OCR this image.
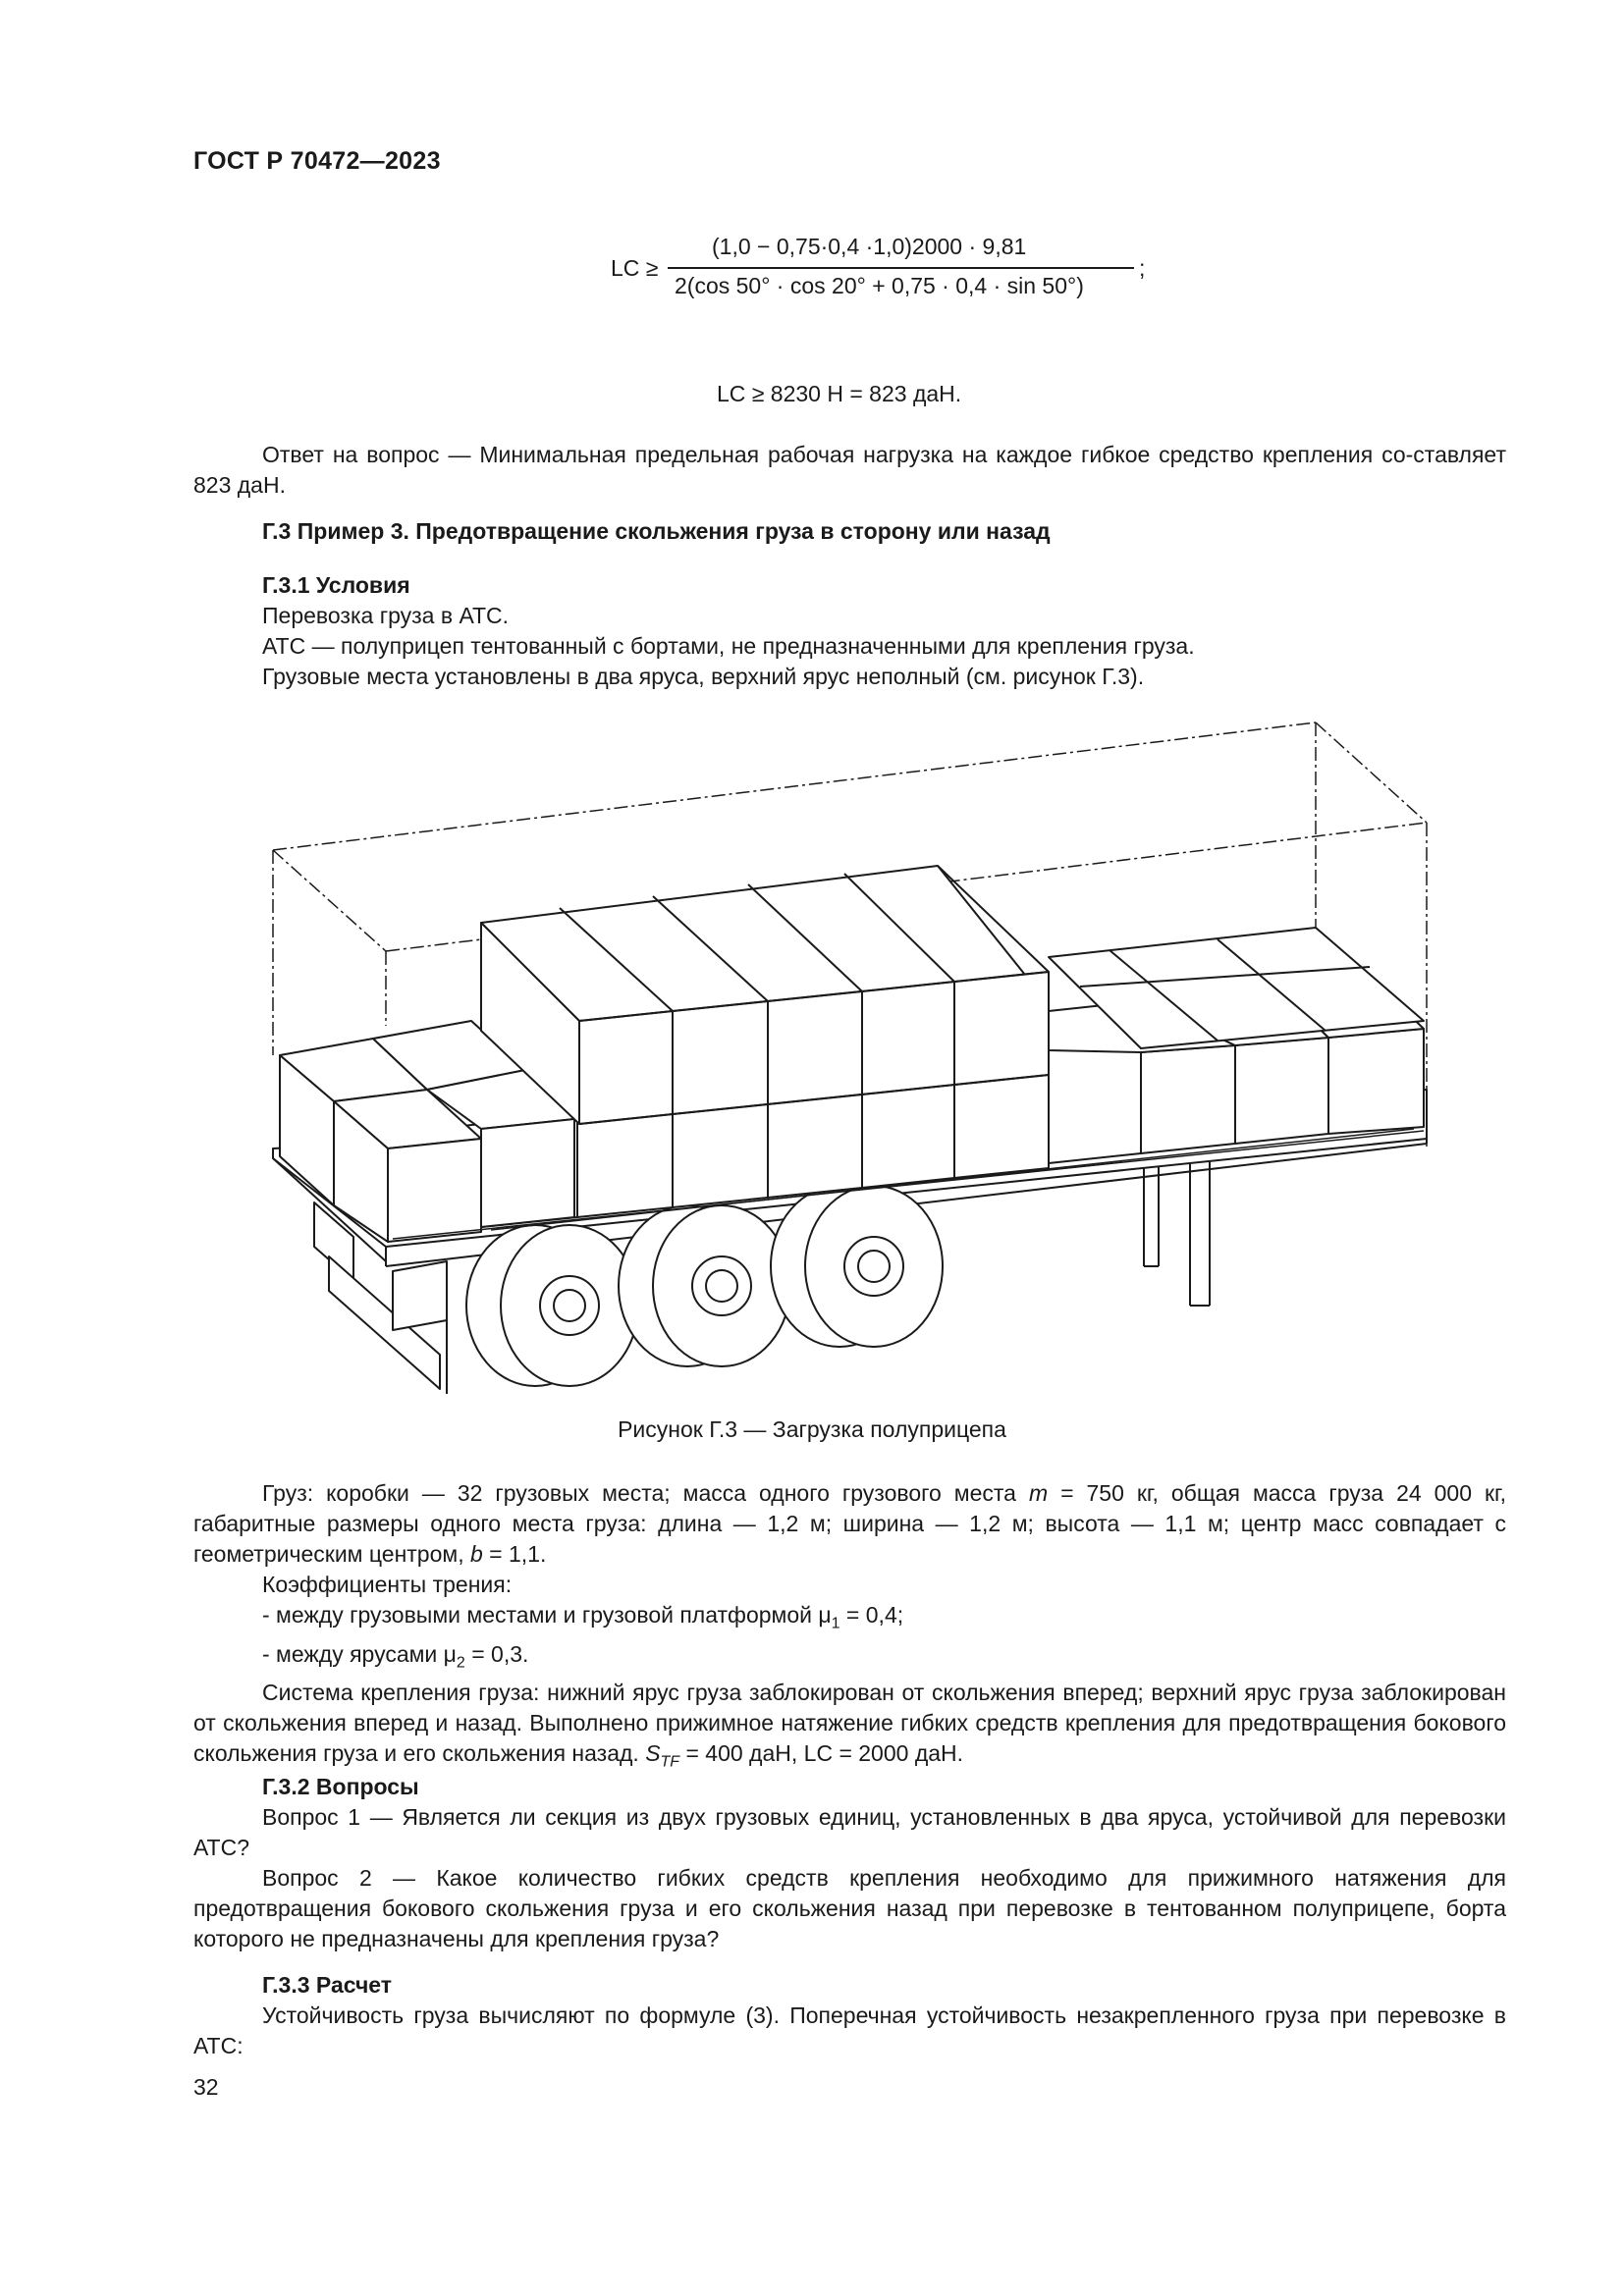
ГОСТ Р 70472—2023
LC ≥
(1,0 − 0,75·0,4 ·1,0)2000 · 9,81
2(cos 50° · cos 20° + 0,75 · 0,4 · sin 50°)
;
LC ≥ 8230 Н = 823 даН.

Ответ на вопрос — Минимальная предельная рабочая нагрузка на каждое гибкое средство крепления со-ставляет 823 даН.

Г.3 Пример 3. Предотвращение скольжения груза в сторону или назад

Г.3.1 Условия

Перевозка груза в АТС.

АТС — полуприцеп тентованный с бортами, не предназначенными для крепления груза.

Грузовые места установлены в два яруса, верхний ярус неполный (см. рисунок Г.3).

Рисунок Г.3 — Загрузка полуприцепа

Груз: коробки — 32 грузовых места; масса одного грузового места m = 750 кг, общая масса груза 24 000 кг, габаритные размеры одного места груза: длина — 1,2 м; ширина — 1,2 м; высота — 1,1 м; центр масс совпадает с геометрическим центром, b = 1,1.

Коэффициенты трения:

- между грузовыми местами и грузовой платформой $\mu_1 = 0,4$;

- между ярусами $\mu_2 = 0,3$.

Система крепления груза: нижний ярус груза заблокирован от скольжения вперед; верхний ярус груза заблокирован от скольжения вперед и назад. Выполнено прижимное натяжение гибких средств крепления для предотвращения бокового скольжения груза и его скольжения назад. $S_{TF} = 400$ даН, LC = 2000 даН.

Г.3.2 Вопросы

Вопрос 1 — Является ли секция из двух грузовых единиц, установленных в два яруса, устойчивой для перевозки АТС?

Вопрос 2 — Какое количество гибких средств крепления необходимо для прижимного натяжения для предотвращения бокового скольжения груза и его скольжения назад при перевозке в тентованном полуприцепе, борта которого не предназначены для крепления груза?

Г.3.3 Расчет

Устойчивость груза вычисляют по формуле (3). Поперечная устойчивость незакрепленного груза при перевозке в АТС:

32
